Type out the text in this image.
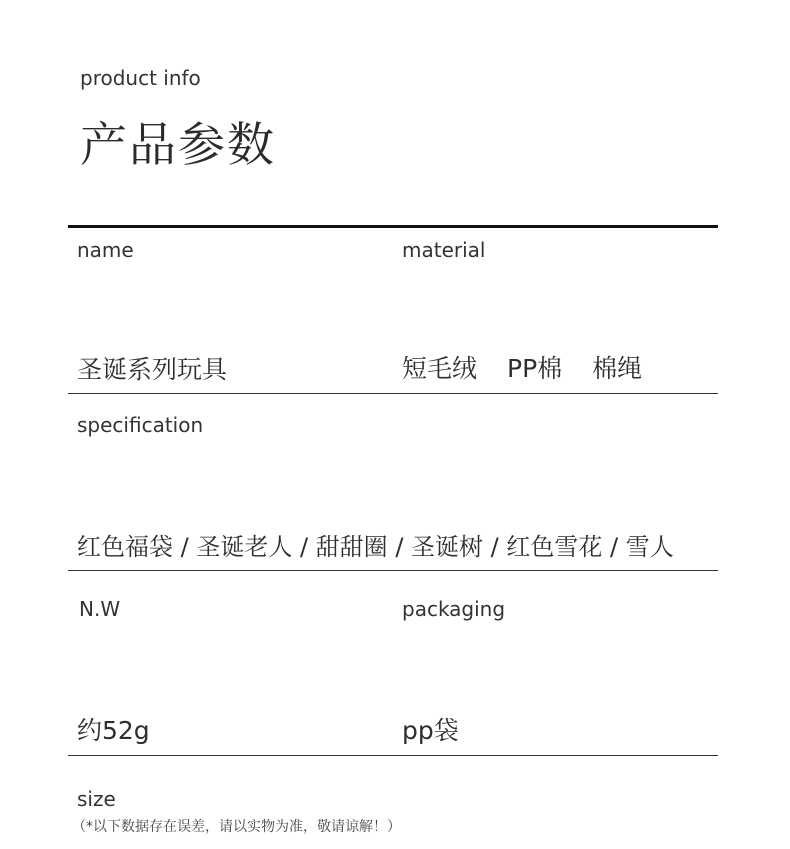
product info
产品参数
name	material
圣诞系列玩具	短毛绒 PP棉 棉绳
specification
红色福袋 / 圣诞老人 / 甜甜圈 / 圣诞树 / 红色雪花 / 雪人
N.W	packaging
约52g	pp袋
size
（*以下数据存在误差，请以实物为准，敬请谅解！）
